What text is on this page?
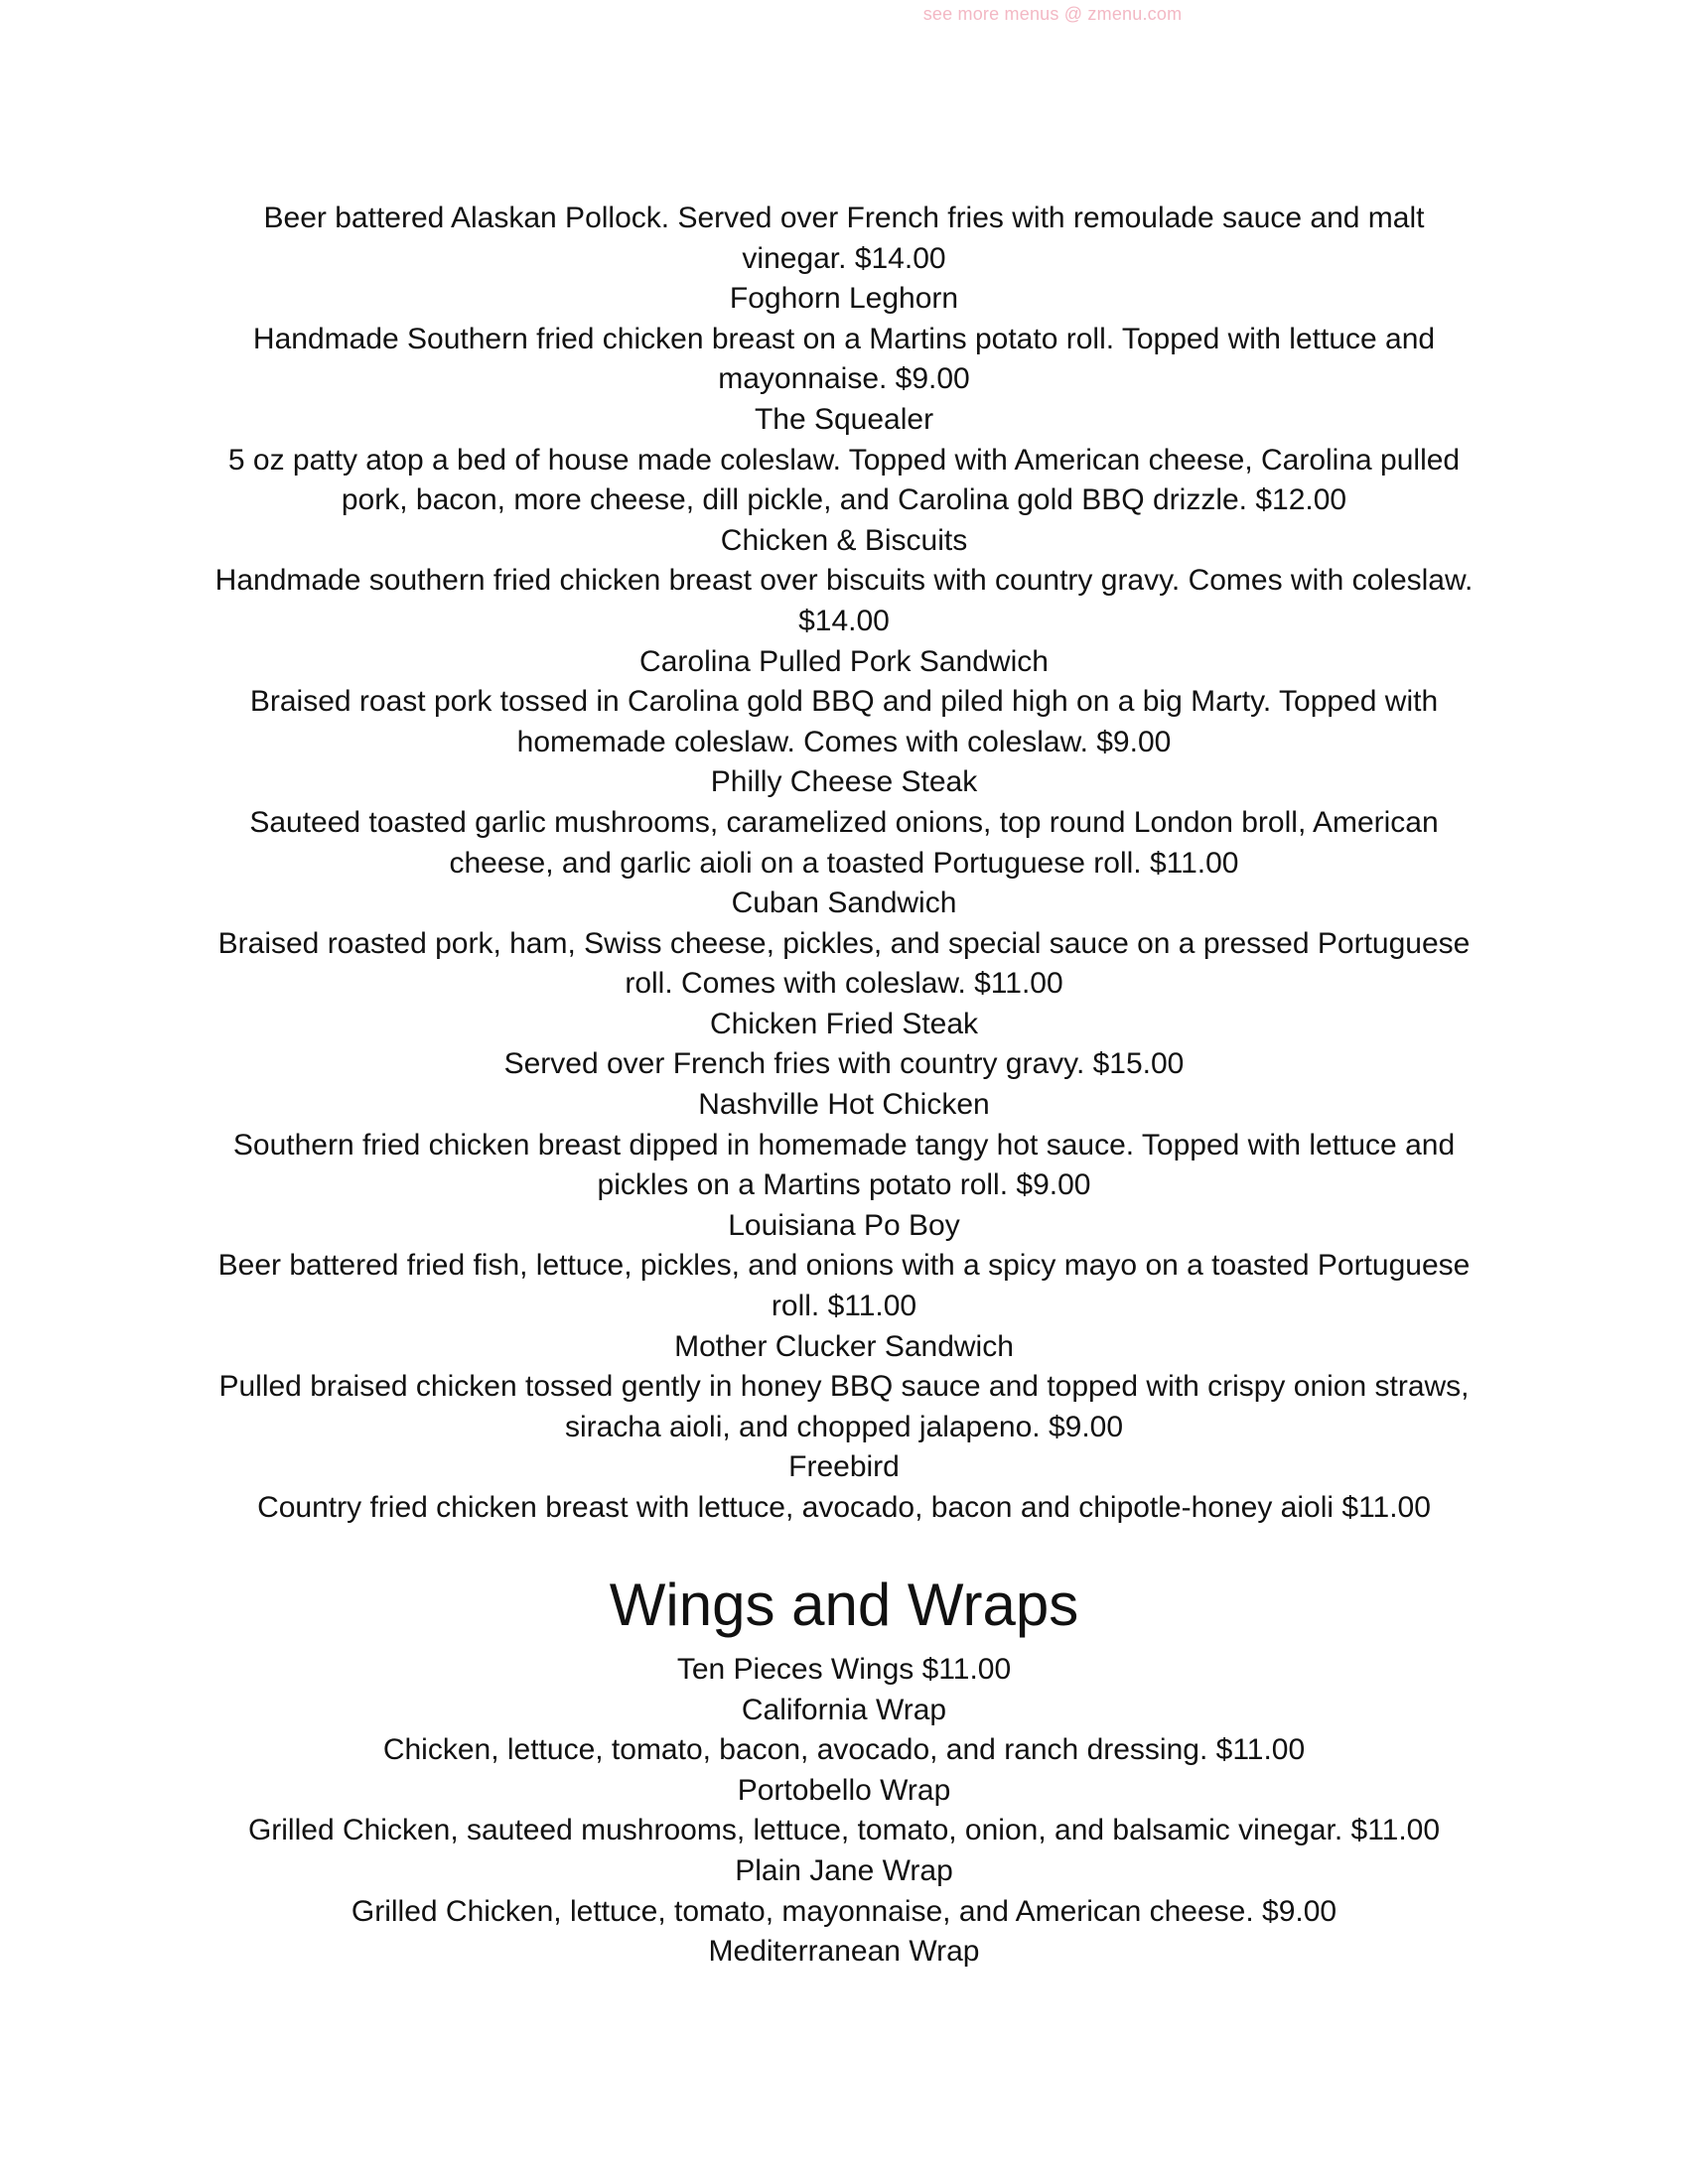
see more menus @ zmenu.com

Beer battered Alaskan Pollock. Served over French fries with remoulade sauce and malt

vinegar. $14.00

Foghorn Leghorn

Handmade Southern fried chicken breast on a Martins potato roll. Topped with lettuce and

mayonnaise. $9.00

The Squealer

5 oz patty atop a bed of house made coleslaw. Topped with American cheese, Carolina pulled

pork, bacon, more cheese, dill pickle, and Carolina gold BBQ drizzle. $12.00

Chicken & Biscuits

Handmade southern fried chicken breast over biscuits with country gravy. Comes with coleslaw.

$14.00

Carolina Pulled Pork Sandwich

Braised roast pork tossed in Carolina gold BBQ and piled high on a big Marty. Topped with

homemade coleslaw. Comes with coleslaw. $9.00

Philly Cheese Steak

Sauteed toasted garlic mushrooms, caramelized onions, top round London broll, American

cheese, and garlic aioli on a toasted Portuguese roll. $11.00

Cuban Sandwich

Braised roasted pork, ham, Swiss cheese, pickles, and special sauce on a pressed Portuguese

roll. Comes with coleslaw. $11.00

Chicken Fried Steak

Served over French fries with country gravy. $15.00

Nashville Hot Chicken

Southern fried chicken breast dipped in homemade tangy hot sauce. Topped with lettuce and

pickles on a Martins potato roll. $9.00

Louisiana Po Boy

Beer battered fried fish, lettuce, pickles, and onions with a spicy mayo on a toasted Portuguese

roll. $11.00

Mother Clucker Sandwich

Pulled braised chicken tossed gently in honey BBQ sauce and topped with crispy onion straws,

siracha aioli, and chopped jalapeno. $9.00

Freebird

Country fried chicken breast with lettuce, avocado, bacon and chipotle-honey aioli $11.00

Wings and Wraps

Ten Pieces Wings $11.00

California Wrap

Chicken, lettuce, tomato, bacon, avocado, and ranch dressing. $11.00

Portobello Wrap

Grilled Chicken, sauteed mushrooms, lettuce, tomato, onion, and balsamic vinegar. $11.00

Plain Jane Wrap

Grilled Chicken, lettuce, tomato, mayonnaise, and American cheese. $9.00

Mediterranean Wrap
